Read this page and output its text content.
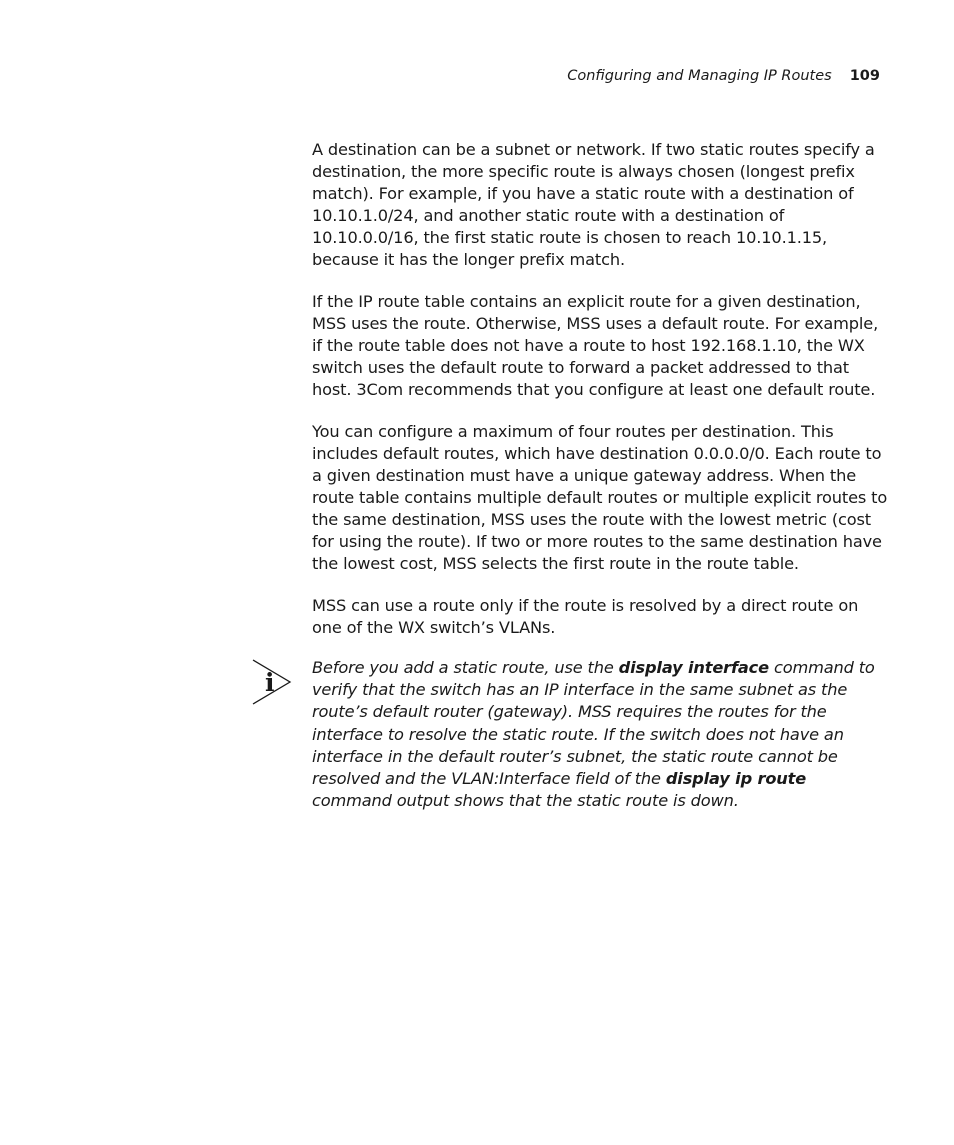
Configuring and Managing IP Routes 109

A destination can be a subnet or network. If two static routes specify a destination, the more specific route is always chosen (longest prefix match). For example, if you have a static route with a destination of 10.10.1.0/24, and another static route with a destination of 10.10.0.0/16, the first static route is chosen to reach 10.10.1.15, because it has the longer prefix match.

If the IP route table contains an explicit route for a given destination, MSS uses the route. Otherwise, MSS uses a default route. For example, if the route table does not have a route to host 192.168.1.10, the WX switch uses the default route to forward a packet addressed to that host. 3Com recommends that you configure at least one default route.

You can configure a maximum of four routes per destination. This includes default routes, which have destination 0.0.0.0/0. Each route to a given destination must have a unique gateway address. When the route table contains multiple default routes or multiple explicit routes to the same destination, MSS uses the route with the lowest metric (cost for using the route). If two or more routes to the same destination have the lowest cost, MSS selects the first route in the route table.

MSS can use a route only if the route is resolved by a direct route on one of the WX switch’s VLANs.

i
Before you add a static route, use the display interface command to verify that the switch has an IP interface in the same subnet as the route’s default router (gateway). MSS requires the routes for the interface to resolve the static route. If the switch does not have an interface in the default router’s subnet, the static route cannot be resolved and the VLAN:Interface field of the display ip route command output shows that the static route is down.
